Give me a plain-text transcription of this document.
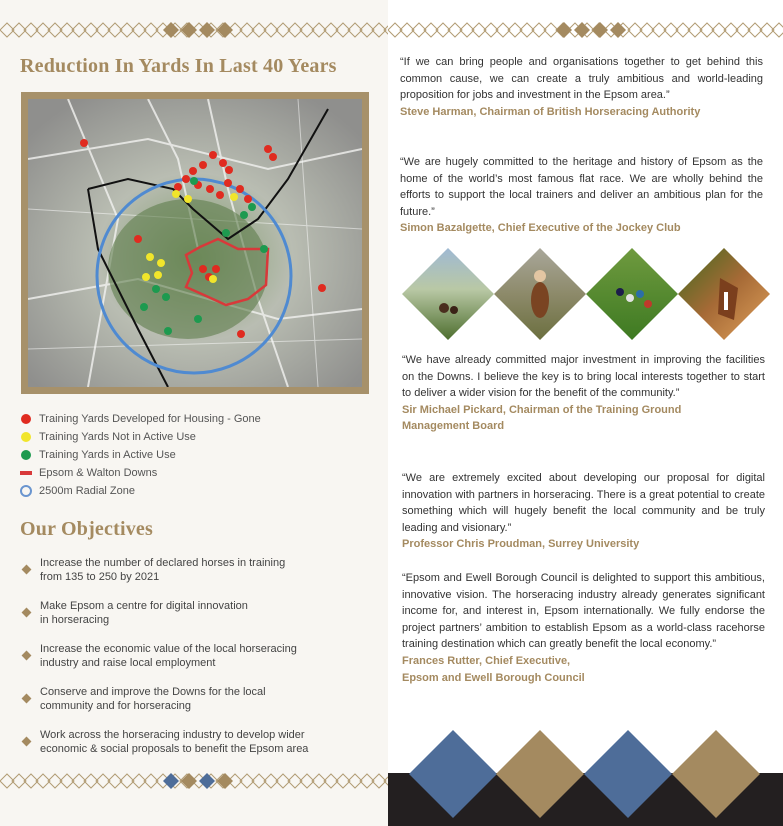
Reduction In Yards In Last 40 Years
Training Yards Developed for Housing - Gone
Training Yards Not in Active Use
Training Yards in Active Use
Epsom & Walton Downs
2500m Radial Zone
Our Objectives
Increase the number of declared horses in training
from 135 to 250 by 2021
Make Epsom a centre for digital innovation
in horseracing
Increase the economic value of the local horseracing
industry and raise local employment
Conserve and improve the Downs for the local
community and for horseracing
Work across the horseracing industry to develop wider
economic & social proposals to benefit the Epsom area

“If we can bring people and organisations together to get behind this common cause, we can create a truly ambitious and world-leading proposition for jobs and investment in the Epsom area.”

Steve Harman, Chairman of British Horseracing Authority

“We are hugely committed to the heritage and history of Epsom as the home of the world’s most famous flat race. We are wholly behind the efforts to support the local trainers and deliver an ambitious plan for the future.”

Simon Bazalgette, Chief Executive of the Jockey Club

“We have already committed major investment in improving the facilities on the Downs. I believe the key is to bring local interests together to start to deliver a wider vision for the benefit of the community.”

Sir Michael Pickard, Chairman of the Training Ground
Management Board

“We are extremely excited about developing our proposal for digital innovation with partners in horseracing. There is a great potential to create something which will hugely benefit the local community and be truly leading and visionary.”

Professor Chris Proudman, Surrey University

“Epsom and Ewell Borough Council is delighted to support this ambitious, innovative vision. The horseracing industry already generates significant income for, and interest in, Epsom internationally. We fully endorse the project partners’ ambition to establish Epsom as a world-class racehorse training destination which can greatly benefit the local economy.”

Frances Rutter, Chief Executive,
Epsom and Ewell Borough Council
